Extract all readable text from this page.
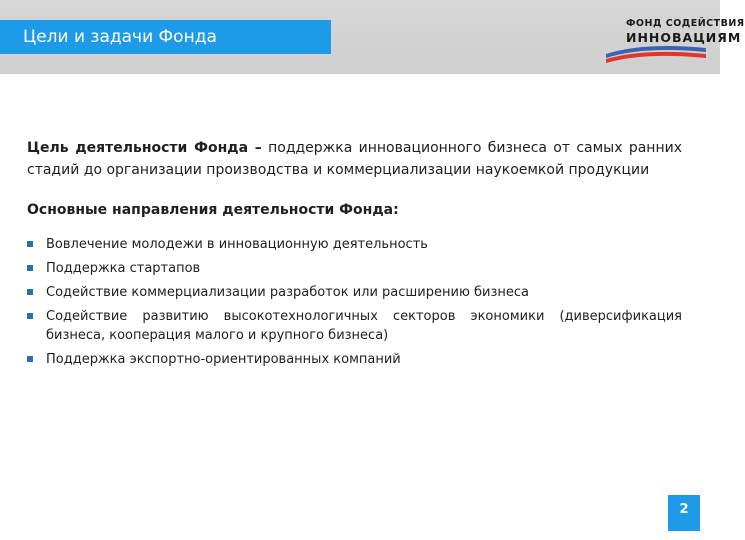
Цели и задачи Фонда
ФОНД СОДЕЙСТВИЯ
ИННОВАЦИЯМ

Цель деятельности Фонда – поддержка инновационного бизнеса от самых ранних стадий до организации производства и коммерциализации наукоемкой продукции

Основные направления деятельности Фонда:

Вовлечение молодежи в инновационную деятельность
Поддержка стартапов
Содействие коммерциализации разработок или расширению бизнеса
Содействие развитию высокотехнологичных секторов экономики (диверсификация бизнеса, кооперация малого и крупного бизнеса)
Поддержка экспортно-ориентированных компаний
2
